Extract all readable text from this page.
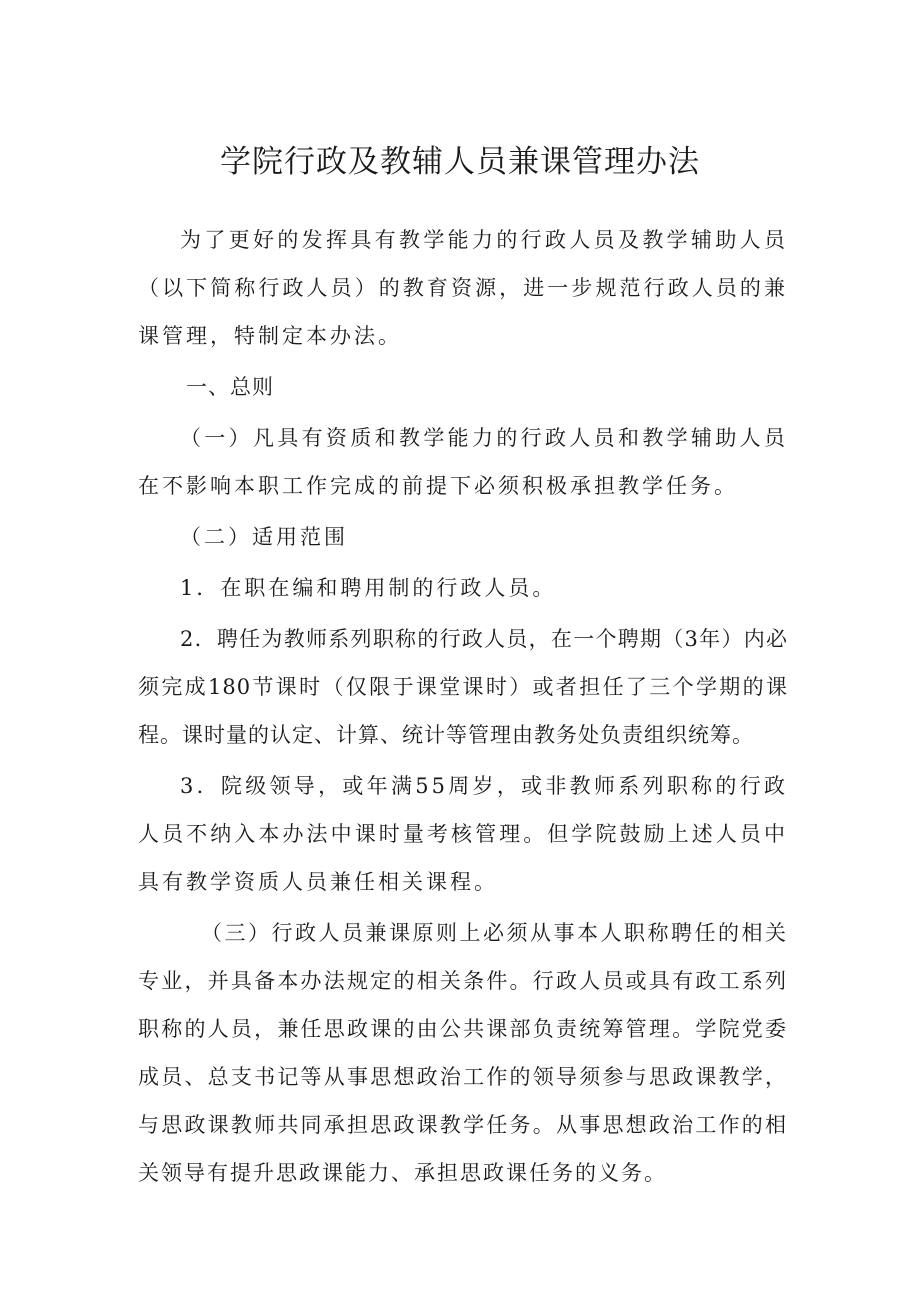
学院行政及教辅人员兼课管理办法

为了更好的发挥具有教学能力的行政人员及教学辅助人员（以下简称行政人员）的教育资源，进一步规范行政人员的兼课管理，特制定本办法。

一、总则

（一）凡具有资质和教学能力的行政人员和教学辅助人员在不影响本职工作完成的前提下必须积极承担教学任务。

（二）适用范围

1．在职在编和聘用制的行政人员。

2．聘任为教师系列职称的行政人员，在一个聘期（3年）内必须完成180节课时（仅限于课堂课时）或者担任了三个学期的课程。课时量的认定、计算、统计等管理由教务处负责组织统筹。

3．院级领导，或年满55周岁，或非教师系列职称的行政人员不纳入本办法中课时量考核管理。但学院鼓励上述人员中具有教学资质人员兼任相关课程。

（三）行政人员兼课原则上必须从事本人职称聘任的相关专业，并具备本办法规定的相关条件。行政人员或具有政工系列职称的人员，兼任思政课的由公共课部负责统筹管理。学院党委成员、总支书记等从事思想政治工作的领导须参与思政课教学，与思政课教师共同承担思政课教学任务。从事思想政治工作的相关领导有提升思政课能力、承担思政课任务的义务。
